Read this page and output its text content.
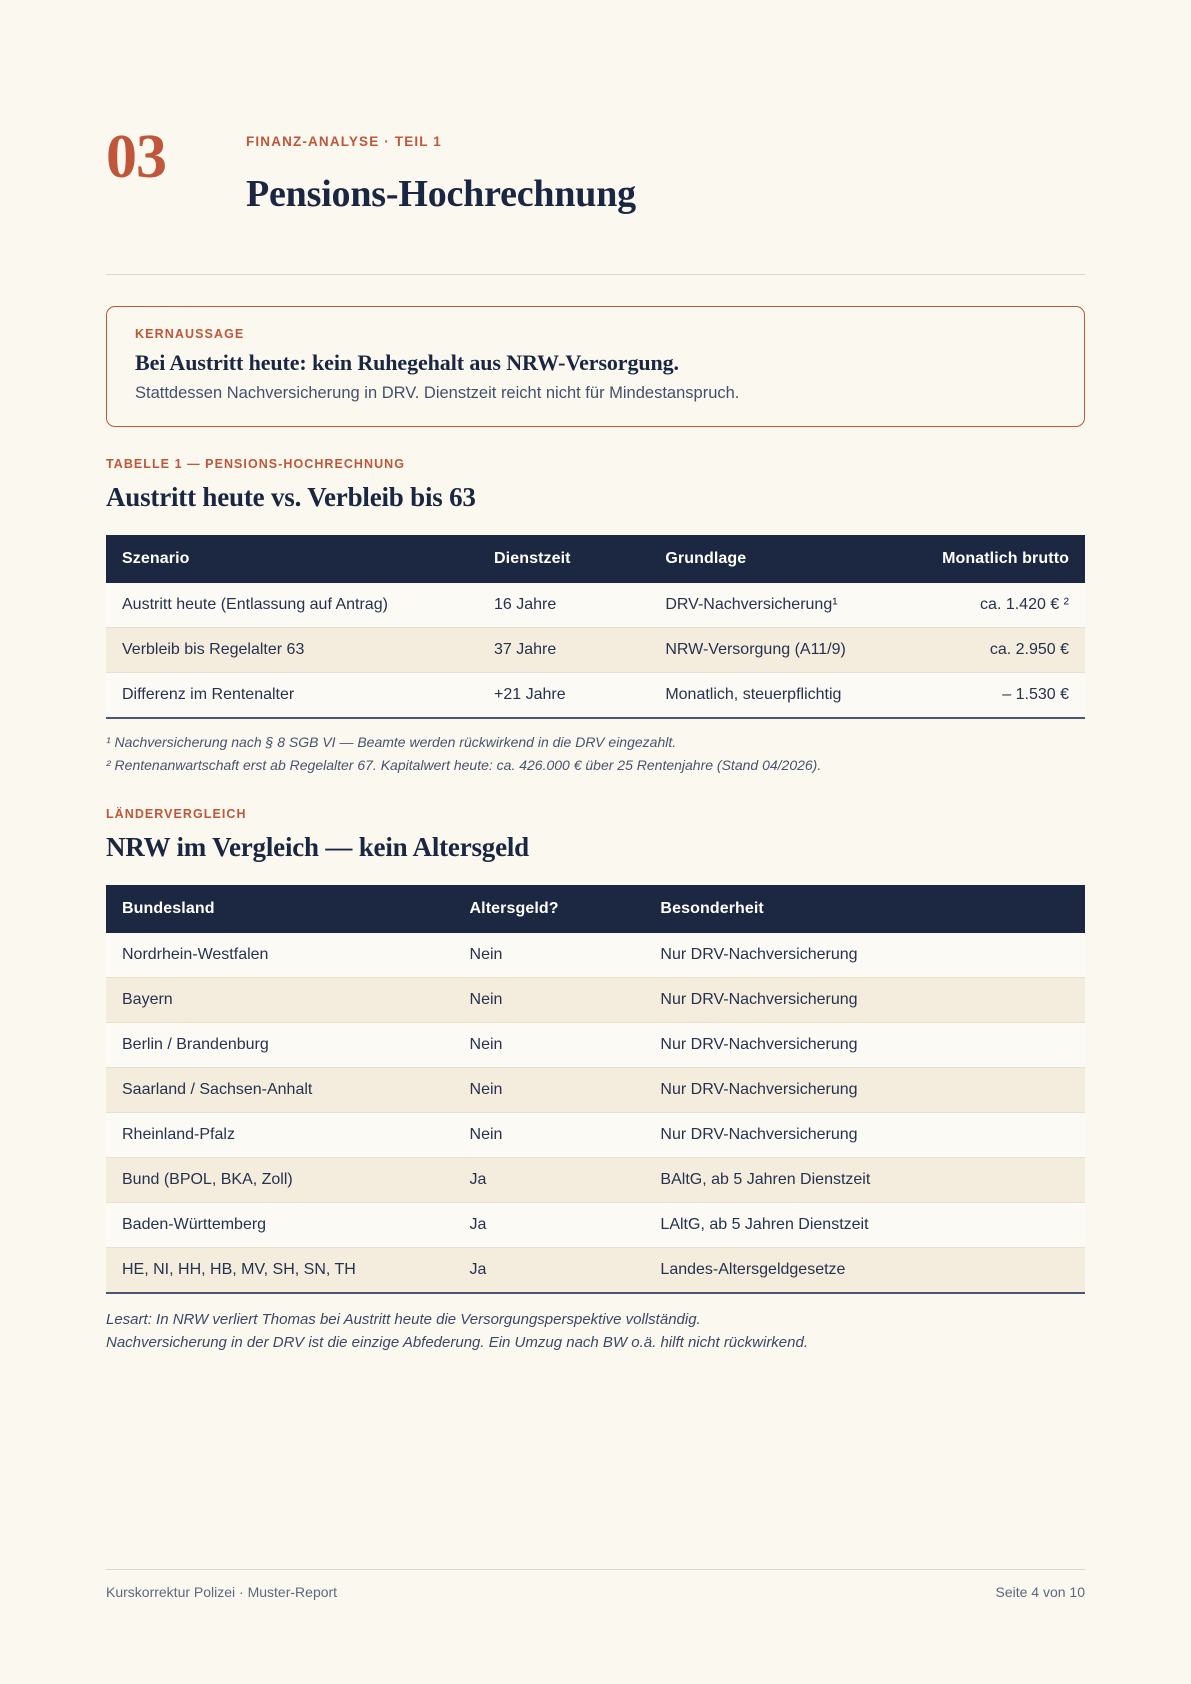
03	FINANZ-ANALYSE · TEIL 1
Pensions-Hochrechnung
KERNAUSSAGE
Bei Austritt heute: kein Ruhegehalt aus NRW-Versorgung.
Stattdessen Nachversicherung in DRV. Dienstzeit reicht nicht für Mindestanspruch.
TABELLE 1 — PENSIONS-HOCHRECHNUNG
Austritt heute vs. Verbleib bis 63
Szenario	Dienstzeit	Grundlage	Monatlich brutto
Austritt heute (Entlassung auf Antrag)	16 Jahre	DRV-Nachversicherung¹	ca. 1.420 € ²
Verbleib bis Regelalter 63	37 Jahre	NRW-Versorgung (A11/9)	ca. 2.950 €
Differenz im Rentenalter	+21 Jahre	Monatlich, steuerpflichtig	– 1.530 €
¹ Nachversicherung nach § 8 SGB VI — Beamte werden rückwirkend in die DRV eingezahlt.
² Rentenanwartschaft erst ab Regelalter 67. Kapitalwert heute: ca. 426.000 € über 25 Rentenjahre (Stand 04/2026).
LÄNDERVERGLEICH
NRW im Vergleich — kein Altersgeld
Bundesland	Altersgeld?	Besonderheit
Nordrhein-Westfalen	Nein	Nur DRV-Nachversicherung
Bayern	Nein	Nur DRV-Nachversicherung
Berlin / Brandenburg	Nein	Nur DRV-Nachversicherung
Saarland / Sachsen-Anhalt	Nein	Nur DRV-Nachversicherung
Rheinland-Pfalz	Nein	Nur DRV-Nachversicherung
Bund (BPOL, BKA, Zoll)	Ja	BAltG, ab 5 Jahren Dienstzeit
Baden-Württemberg	Ja	LAltG, ab 5 Jahren Dienstzeit
HE, NI, HH, HB, MV, SH, SN, TH	Ja	Landes-Altersgeldgesetze
Lesart: In NRW verliert Thomas bei Austritt heute die Versorgungsperspektive vollständig.
Nachversicherung in der DRV ist die einzige Abfederung. Ein Umzug nach BW o.ä. hilft nicht rückwirkend.
Kurskorrektur Polizei · Muster-Report	Seite 4 von 10
